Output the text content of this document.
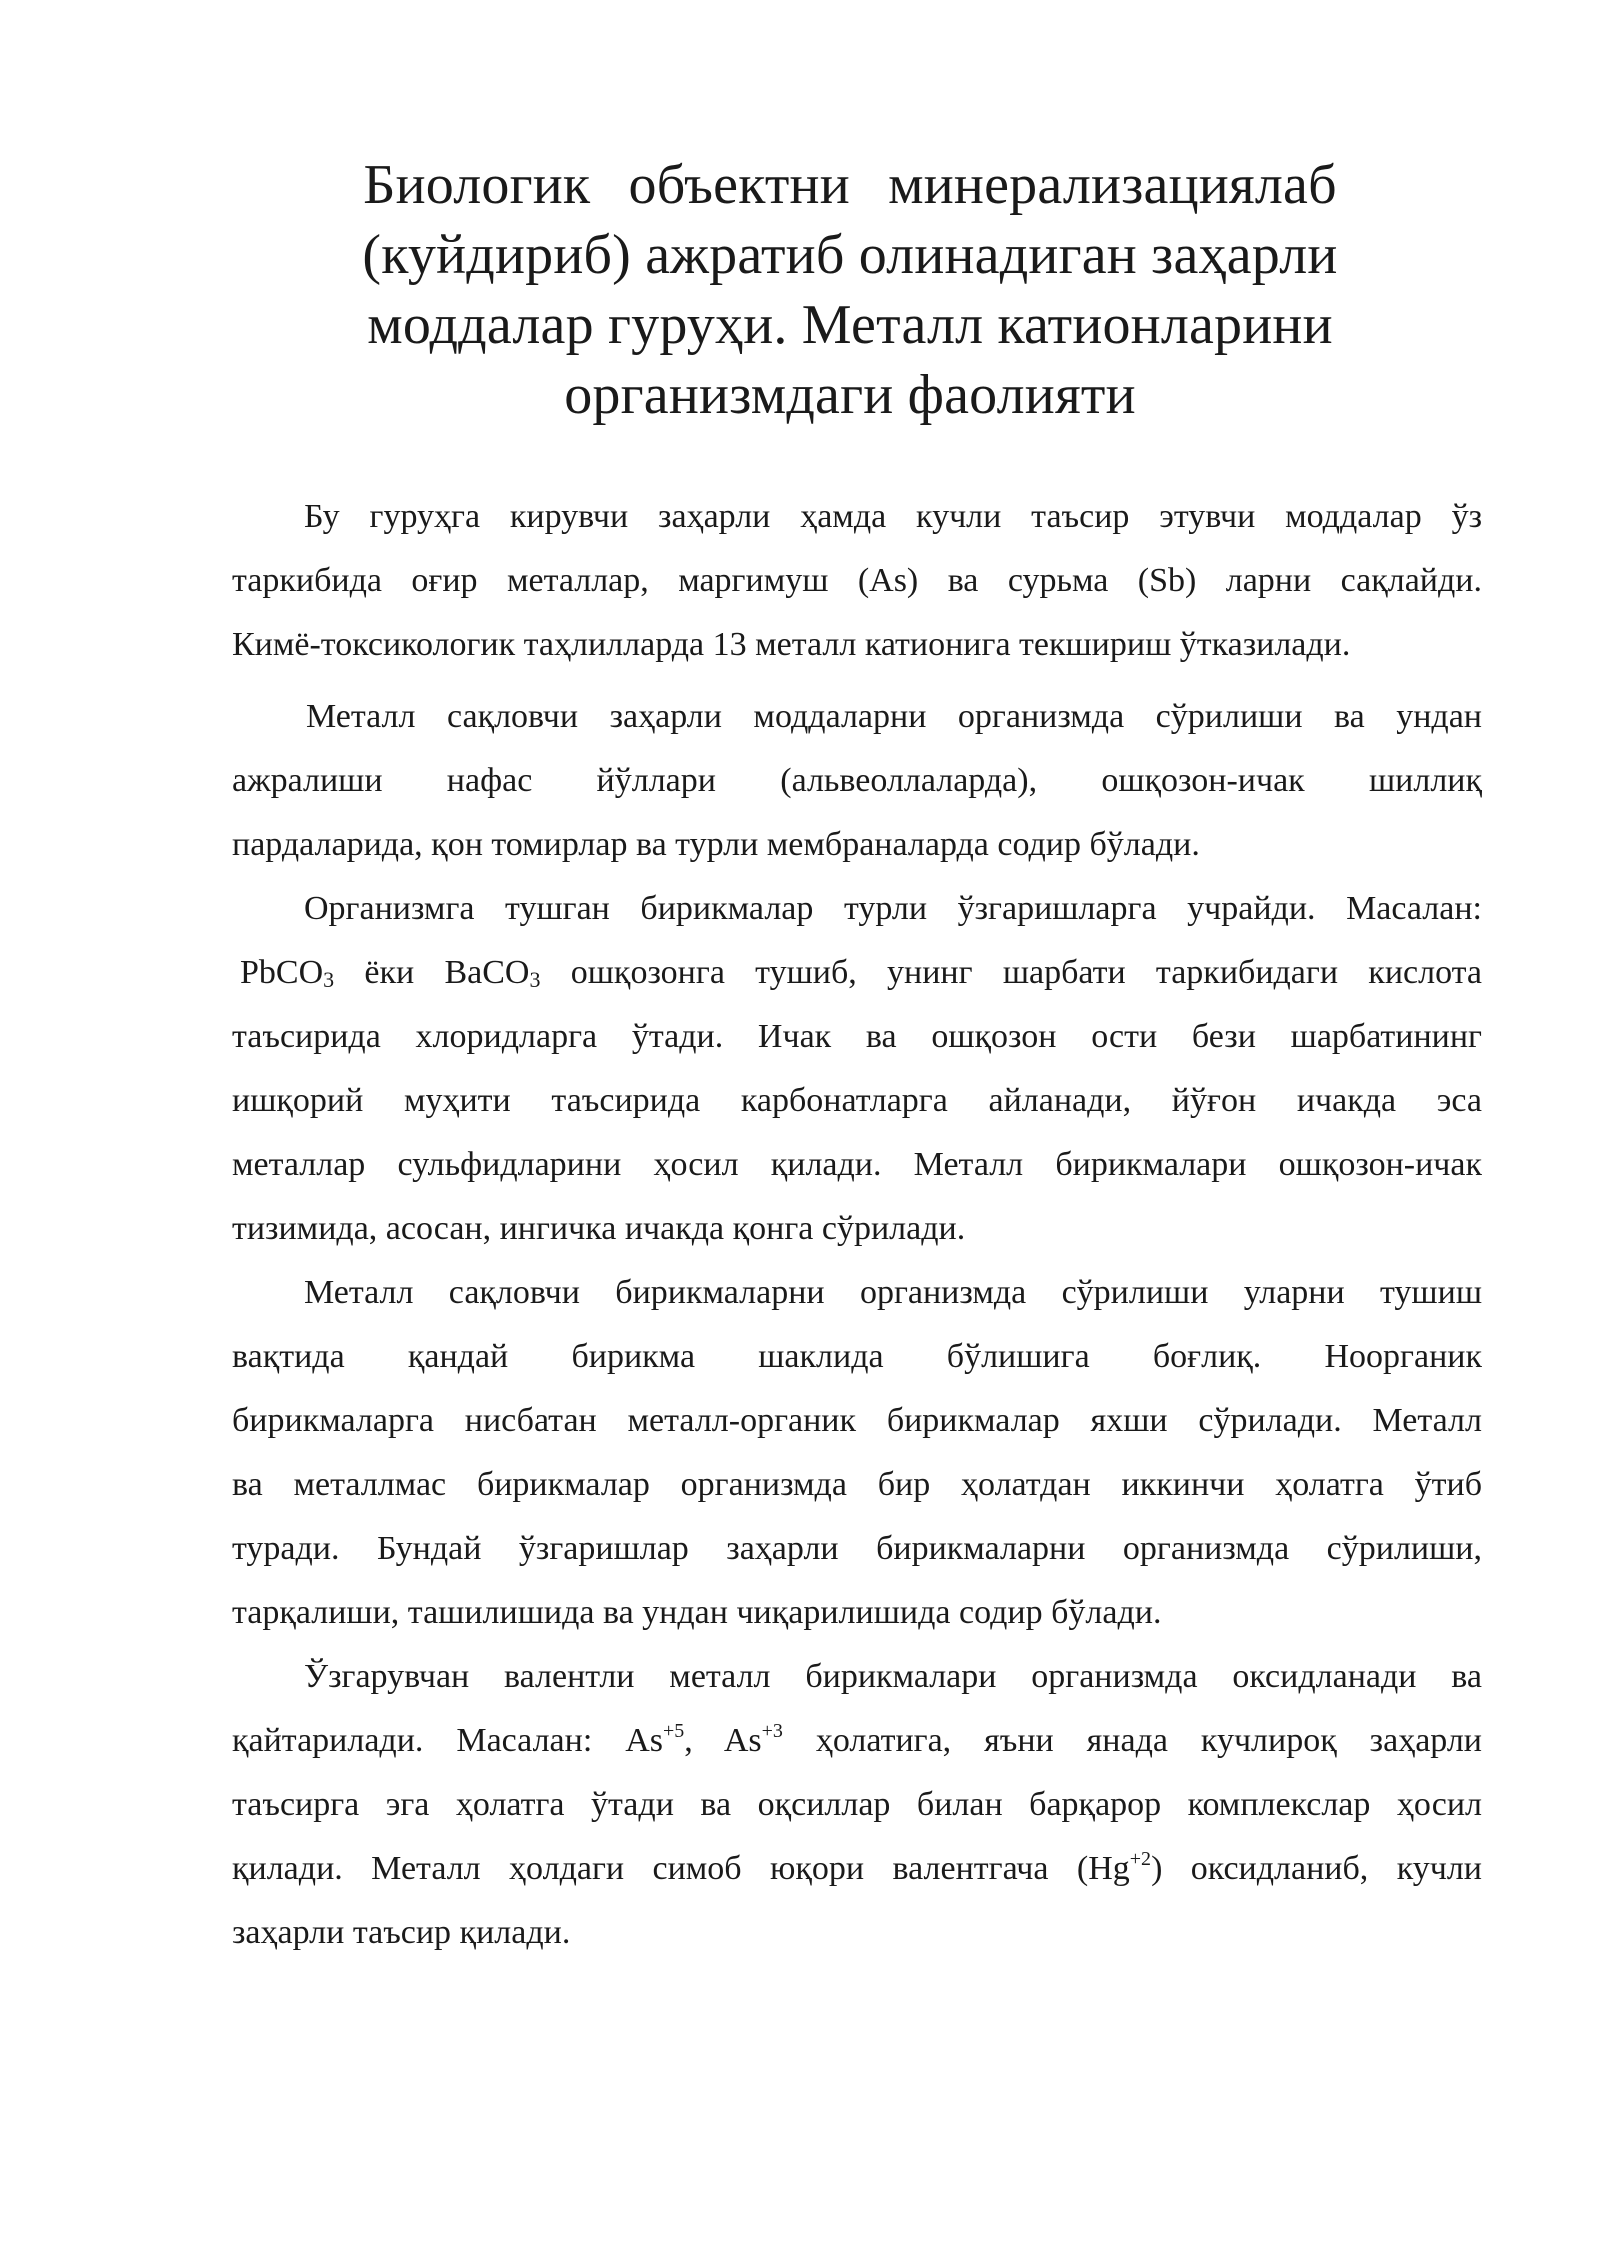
Биологик объектни минерализациялаб
(куйдириб) ажратиб олинадиган заҳарли
моддалар гуруҳи. Металл катионларини
организмдаги фаолияти
Бу гуруҳга кирувчи заҳарли ҳамда кучли таъсир этувчи моддалар ўз
таркибида оғир металлар, маргимуш (As) ва сурьма (Sb) ларни сақлайди.
Кимё-токсикологик таҳлилларда 13 металл катионига текшириш ўтказилади.
Металл сақловчи заҳарли моддаларни организмда сўрилиши ва ундан
ажралиши нафас йўллари (альвеоллаларда), ошқозон-ичак шиллиқ
пардаларида, қон томирлар ва турли мембраналарда содир бўлади.
Организмга тушган бирикмалар турли ўзгаришларга учрайди. Масалан:
PbCO$_3$ ёки BaCO$_3$ ошқозонга тушиб, унинг шарбати таркибидаги кислота
таъсирида хлоридларга ўтади. Ичак ва ошқозон ости бези шарбатининг
ишқорий муҳити таъсирида карбонатларга айланади, йўғон ичакда эса
металлар сульфидларини ҳосил қилади. Металл бирикмалари ошқозон-ичак
тизимида, асосан, ингичка ичакда қонга сўрилади.
Металл сақловчи бирикмаларни организмда сўрилиши уларни тушиш
вақтида қандай бирикма шаклида бўлишига боғлиқ. Ноорганик
бирикмаларга нисбатан металл-органик бирикмалар яхши сўрилади. Металл
ва металлмас бирикмалар организмда бир ҳолатдан иккинчи ҳолатга ўтиб
туради. Бундай ўзгаришлар заҳарли бирикмаларни организмда сўрилиши,
тарқалиши, ташилишида ва ундан чиқарилишида содир бўлади.
Ўзгарувчан валентли металл бирикмалари организмда оксидланади ва
қайтарилади. Масалан: $As^{+5}$, $As^{+3}$ ҳолатига, яъни янада кучлироқ заҳарли
таъсирга эга ҳолатга ўтади ва оқсиллар билан барқарор комплекслар ҳосил
қилади. Металл ҳолдаги симоб юқори валентгача $(Hg^{+2})$ оксидланиб, кучли
заҳарли таъсир қилади.
